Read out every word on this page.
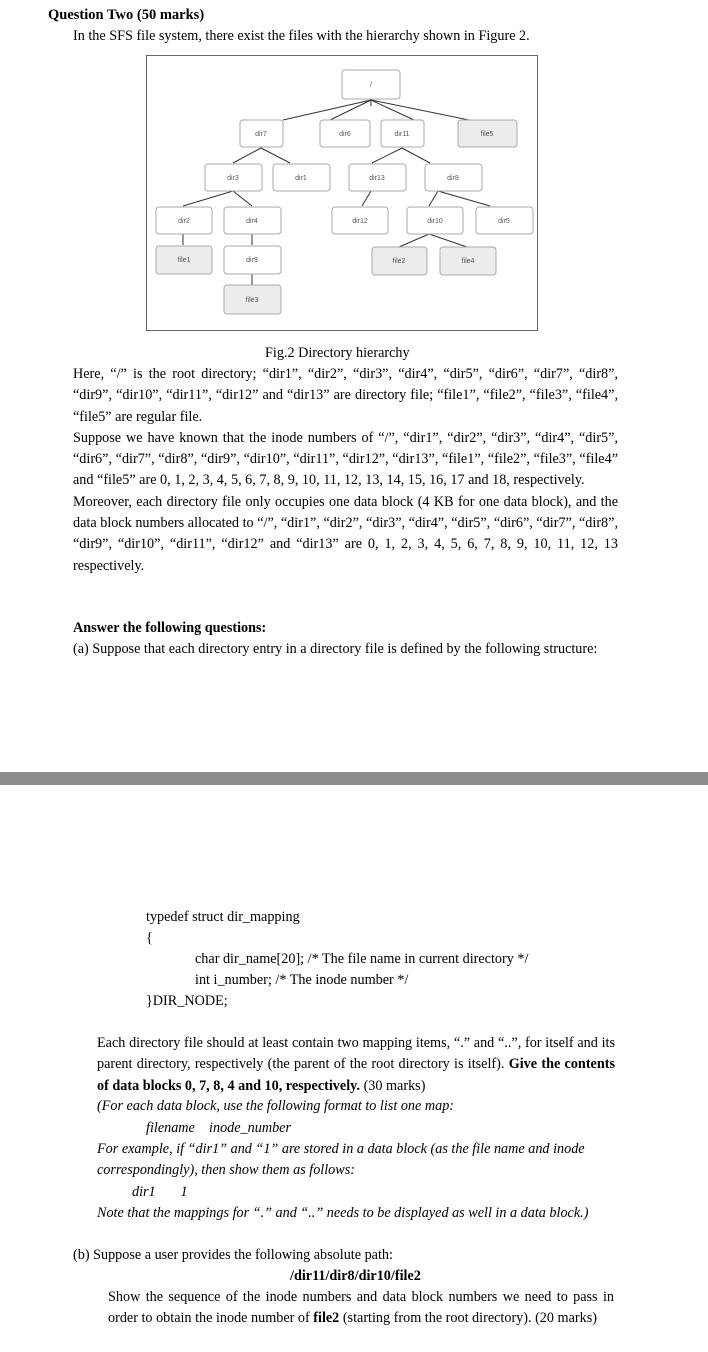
Question Two (50 marks)
In the SFS file system, there exist the files with the hierarchy shown in Figure 2.
/
dir7	dir6	dir11	file5
dir3	dir1	dir13	dir8
dir2	dir4	dir12	dir10	dir5
file1	dir9	file2	file4
file3
Fig.2 Directory hierarchy

Here, “/” is the root directory; “dir1”, “dir2”, “dir3”, “dir4”, “dir5”, “dir6”, “dir7”, “dir8”, “dir9”, “dir10”, “dir11”, “dir12” and “dir13” are directory file; “file1”, “file2”, “file3”, “file4”, “file5” are regular file.

Suppose we have known that the inode numbers of “/”, “dir1”, “dir2”, “dir3”, “dir4”, “dir5”, “dir6”, “dir7”, “dir8”, “dir9”, “dir10”, “dir11”, “dir12”, “dir13”, “file1”, “file2”, “file3”, “file4” and “file5” are 0, 1, 2, 3, 4, 5, 6, 7, 8, 9, 10, 11, 12, 13, 14, 15, 16, 17 and 18, respectively.

Moreover, each directory file only occupies one data block (4 KB for one data block), and the data block numbers allocated to “/”, “dir1”, “dir2”, “dir3”, “dir4”, “dir5”, “dir6”, “dir7”, “dir8”, “dir9”, “dir10”, “dir11”, “dir12” and “dir13” are 0, 1, 2, 3, 4, 5, 6, 7, 8, 9, 10, 11, 12, 13 respectively.

Answer the following questions:
(a) Suppose that each directory entry in a directory file is defined by the following structure:
typedef struct dir_mapping
{
char dir_name[20]; /* The file name in current directory */
int i_number; /* The inode number */
}DIR_NODE;

Each directory file should at least contain two mapping items, “.” and “..”, for itself and its parent directory, respectively (the parent of the root directory is itself). Give the contents of data blocks 0, 7, 8, 4 and 10, respectively. (30 marks)

(For each data block, use the following format to list one map:
filename    inode_number
For example, if “dir1” and “1” are stored in a data block (as the file name and inode correspondingly), then show them as follows:
dir1       1
Note that the mappings for “.” and “..” needs to be displayed as well in a data block.)
(b) Suppose a user provides the following absolute path:
/dir11/dir8/dir10/file2

Show the sequence of the inode numbers and data block numbers we need to pass in order to obtain the inode number of file2 (starting from the root directory). (20 marks)
